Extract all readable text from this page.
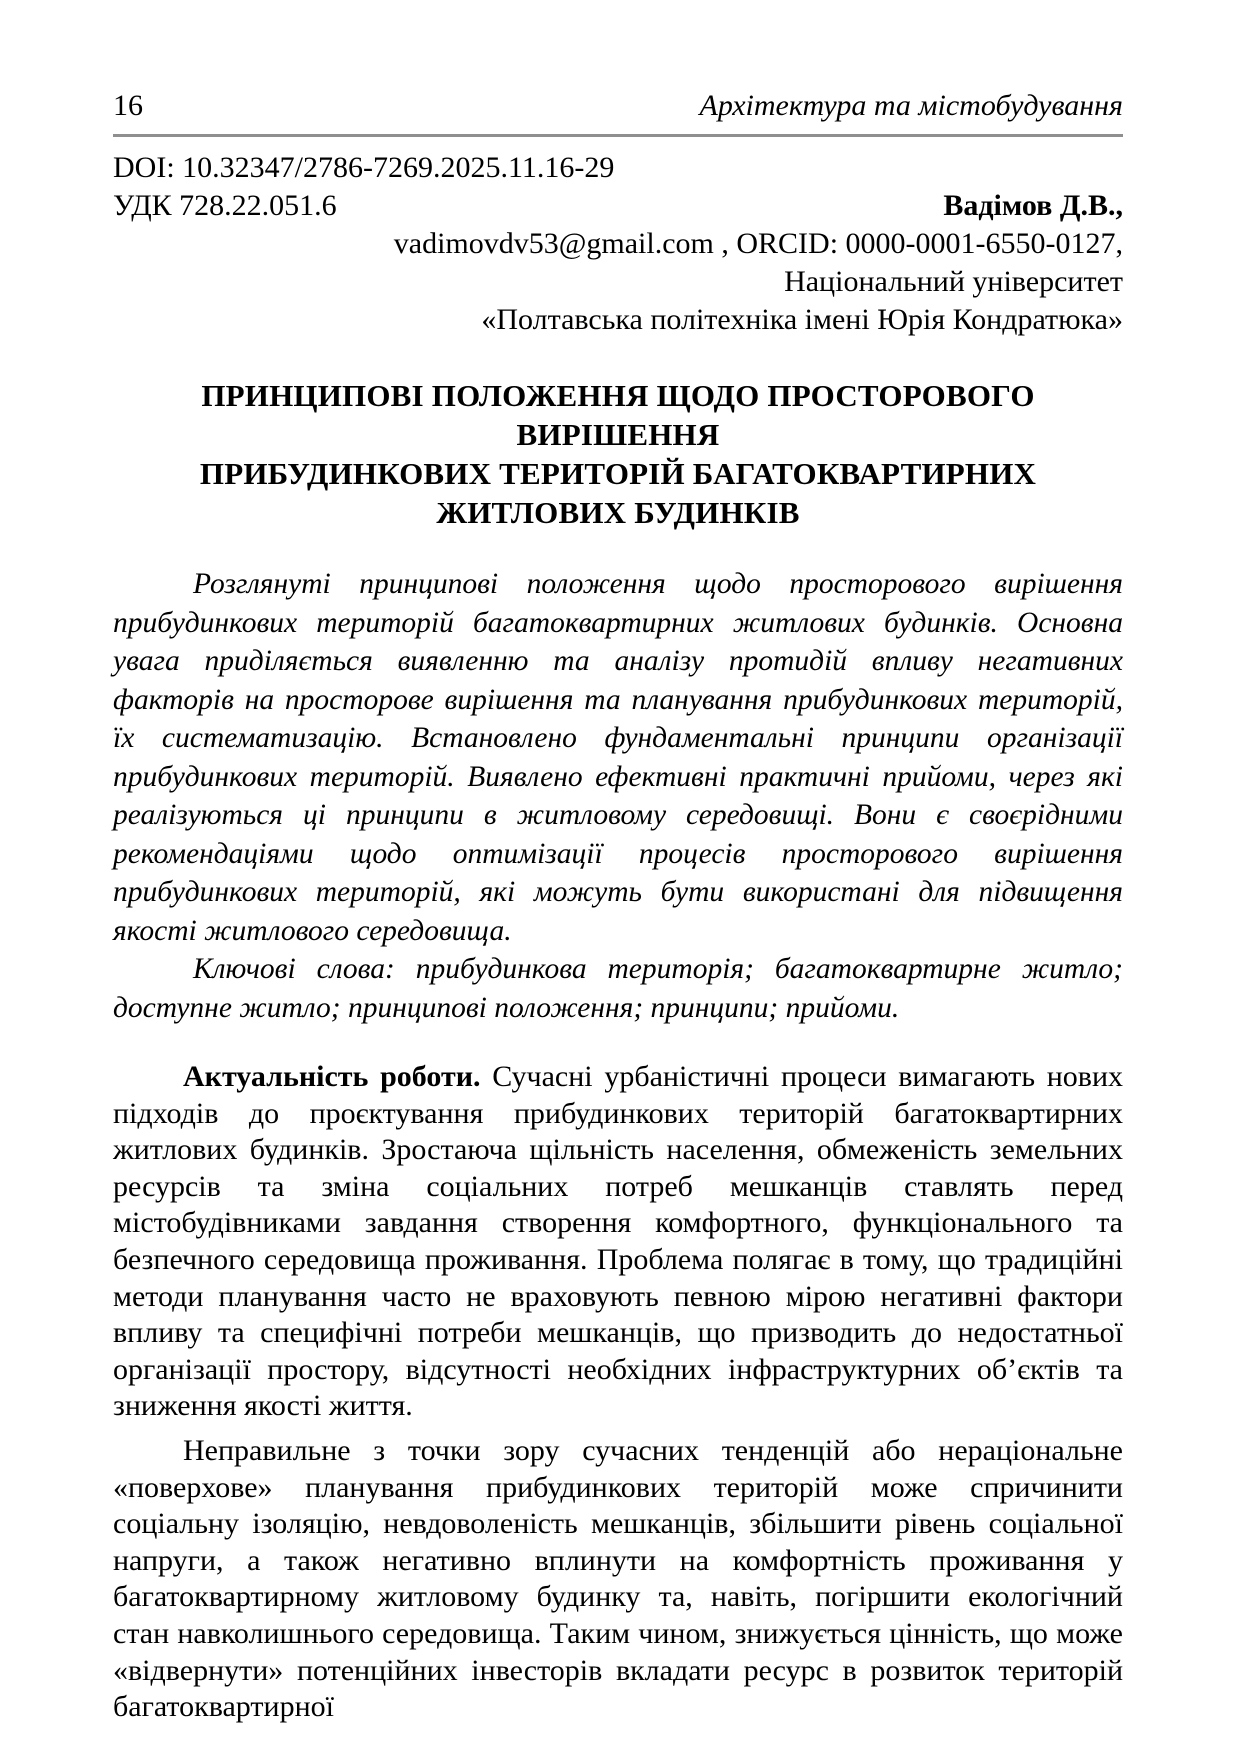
16	Архітектура та містобудування
DOI: 10.32347/2786-7269.2025.11.16-29
УДК 728.22.051.6	Вадімов Д.В.,
vadimovdv53@gmail.com , ORCID: 0000-0001-6550-0127,
Національний університет
«Полтавська політехніка імені Юрія Кондратюка»
ПРИНЦИПОВІ ПОЛОЖЕННЯ ЩОДО ПРОСТОРОВОГО ВИРІШЕННЯ
ПРИБУДИНКОВИХ ТЕРИТОРІЙ БАГАТОКВАРТИРНИХ
ЖИТЛОВИХ БУДИНКІВ

Розглянуті принципові положення щодо просторового вирішення прибудинкових територій багатоквартирних житлових будинків. Основна увага приділяється виявленню та аналізу протидій впливу негативних факторів на просторове вирішення та планування прибудинкових територій, їх систематизацію. Встановлено фундаментальні принципи організації прибудинкових територій. Виявлено ефективні практичні прийоми, через які реалізуються ці принципи в житловому середовищі. Вони є своєрідними рекомендаціями щодо оптимізації процесів просторового вирішення прибудинкових територій, які можуть бути використані для підвищення якості житлового середовища.

Ключові слова: прибудинкова територія; багатоквартирне житло; доступне житло; принципові положення; принципи; прийоми.

Актуальність роботи. Сучасні урбаністичні процеси вимагають нових підходів до проєктування прибудинкових територій багатоквартирних житлових будинків. Зростаюча щільність населення, обмеженість земельних ресурсів та зміна соціальних потреб мешканців ставлять перед містобудівниками завдання створення комфортного, функціонального та безпечного середовища проживання. Проблема полягає в тому, що традиційні методи планування часто не враховують певною мірою негативні фактори впливу та специфічні потреби мешканців, що призводить до недостатньої організації простору, відсутності необхідних інфраструктурних об’єктів та зниження якості життя.

Неправильне з точки зору сучасних тенденцій або нераціональне «поверхове» планування прибудинкових територій може спричинити соціальну ізоляцію, невдоволеність мешканців, збільшити рівень соціальної напруги, а також негативно вплинути на комфортність проживання у багатоквартирному житловому будинку та, навіть, погіршити екологічний стан навколишнього середовища. Таким чином, знижується цінність, що може «відвернути» потенційних інвесторів вкладати ресурс в розвиток територій багатоквартирної
